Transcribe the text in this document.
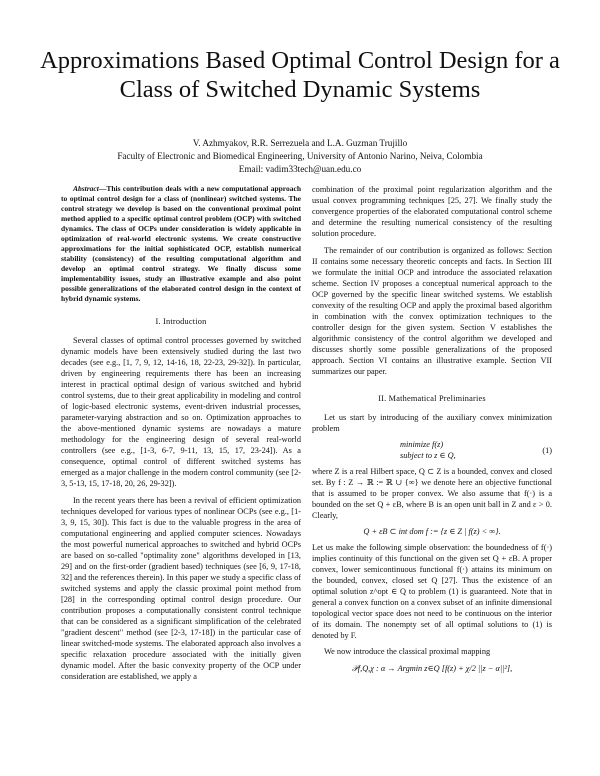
Approximations Based Optimal Control Design for a Class of Switched Dynamic Systems
V. Azhmyakov, R.R. Serrezuela and L.A. Guzman Trujillo
Faculty of Electronic and Biomedical Engineering, University of Antonio Narino, Neiva, Colombia
Email: vadim33tech@uan.edu.co

Abstract—This contribution deals with a new computational approach to optimal control design for a class of (nonlinear) switched systems. The control strategy we develop is based on the conventional proximal point method applied to a specific optimal control problem (OCP) with switched dynamics. The class of OCPs under consideration is widely applicable in optimization of real-world electronic systems. We create constructive approximations for the initial sophisticated OCP, establish numerical stability (consistency) of the resulting computational algorithm and develop an optimal control strategy. We finally discuss some implementability issues, study an illustrative example and also point possible generalizations of the elaborated control design in the context of hybrid dynamic systems.

I. Introduction

Several classes of optimal control processes governed by switched dynamic models have been extensively studied during the last two decades (see e.g., [1, 7, 9, 12, 14-16, 18, 22-23, 29-32]). In particular, driven by engineering requirements there has been an increasing interest in practical optimal design of various switched and hybrid control systems, due to their great applicability in modeling and control of logic-based electronic systems, event-driven industrial processes, parameter-varying abstraction and so on. Optimization approaches to the above-mentioned dynamic systems are nowadays a mature methodology for the engineering design of several real-world controllers (see e.g., [1-3, 6-7, 9-11, 13, 15, 17, 23-24]). As a consequence, optimal control of different switched systems has emerged as a major challenge in the modern control community (see [2-3, 5-13, 15, 17-18, 20, 26, 29-32]).

In the recent years there has been a revival of efficient optimization techniques developed for various types of nonlinear OCPs (see e.g., [1-3, 9, 15, 30]). This fact is due to the valuable progress in the area of computational engineering and applied computer sciences. Nowadays the most powerful numerical approaches to switched and hybrid OCPs are based on so-called "optimality zone" algorithms developed in [13, 29] and on the first-order (gradient based) techniques (see [6, 9, 17-18, 32] and the references therein). In this paper we study a specific class of switched systems and apply the classic proximal point method from [28] in the corresponding optimal control design procedure. Our contribution proposes a computationally consistent control technique that can be considered as a significant simplification of the celebrated "gradient descent" method (see [2-3, 17-18]) in the particular case of linear switched-mode systems. The elaborated approach also involves a specific relaxation procedure associated with the initially given dynamic model. After the basic convexity property of the OCP under consideration are established, we apply a

combination of the proximal point regularization algorithm and the usual convex programming techniques [25, 27]. We finally study the convergence properties of the elaborated computational control scheme and determine the resulting numerical consistency of the resulting solution procedure.

The remainder of our contribution is organized as follows: Section II contains some necessary theoretic concepts and facts. In Section III we formulate the initial OCP and introduce the associated relaxation scheme. Section IV proposes a conceptual numerical approach to the OCP governed by the specific linear switched systems. We establish convexity of the resulting OCP and apply the proximal based algorithm in combination with the convex optimization techniques to the controller design for the given system. Section V establishes the algorithmic consistency of the control algorithm we developed and discusses shortly some possible generalizations of the proposed approach. Section VI contains an illustrative example. Section VII summarizes our paper.

II. Mathematical Preliminaries

Let us start by introducing of the auxiliary convex minimization problem

minimize f(z)
subject to z ∈ Q,
(1)

where Z is a real Hilbert space, Q ⊂ Z is a bounded, convex and closed set. By f : Z → ℝ := ℝ ∪ {∞} we denote here an objective functional that is assumed to be proper convex. We also assume that f(·) is a bounded on the set Q + εB, where B is an open unit ball in Z and ε > 0. Clearly,

Q + εB ⊂ int dom f := {z ∈ Z | f(z) < ∞}.

Let us make the following simple observation: the boundedness of f(·) implies continuity of this functional on the given set Q + εB. A proper convex, lower semicontinuous functional f(·) attains its minimum on the bounded, convex, closed set Q [27]. Thus the existence of an optimal solution z^opt ∈ Q to problem (1) is guaranteed. Note that in general a convex function on a convex subset of an infinite dimensional topological vector space does not need to be continuous on the interior of its domain. The nonempty set of all optimal solutions to (1) is denoted by F.

We now introduce the classical proximal mapping

𝒫f,Q,χ : α → Argmin z∈Q [f(z) + χ/2 ||z − α||²],
